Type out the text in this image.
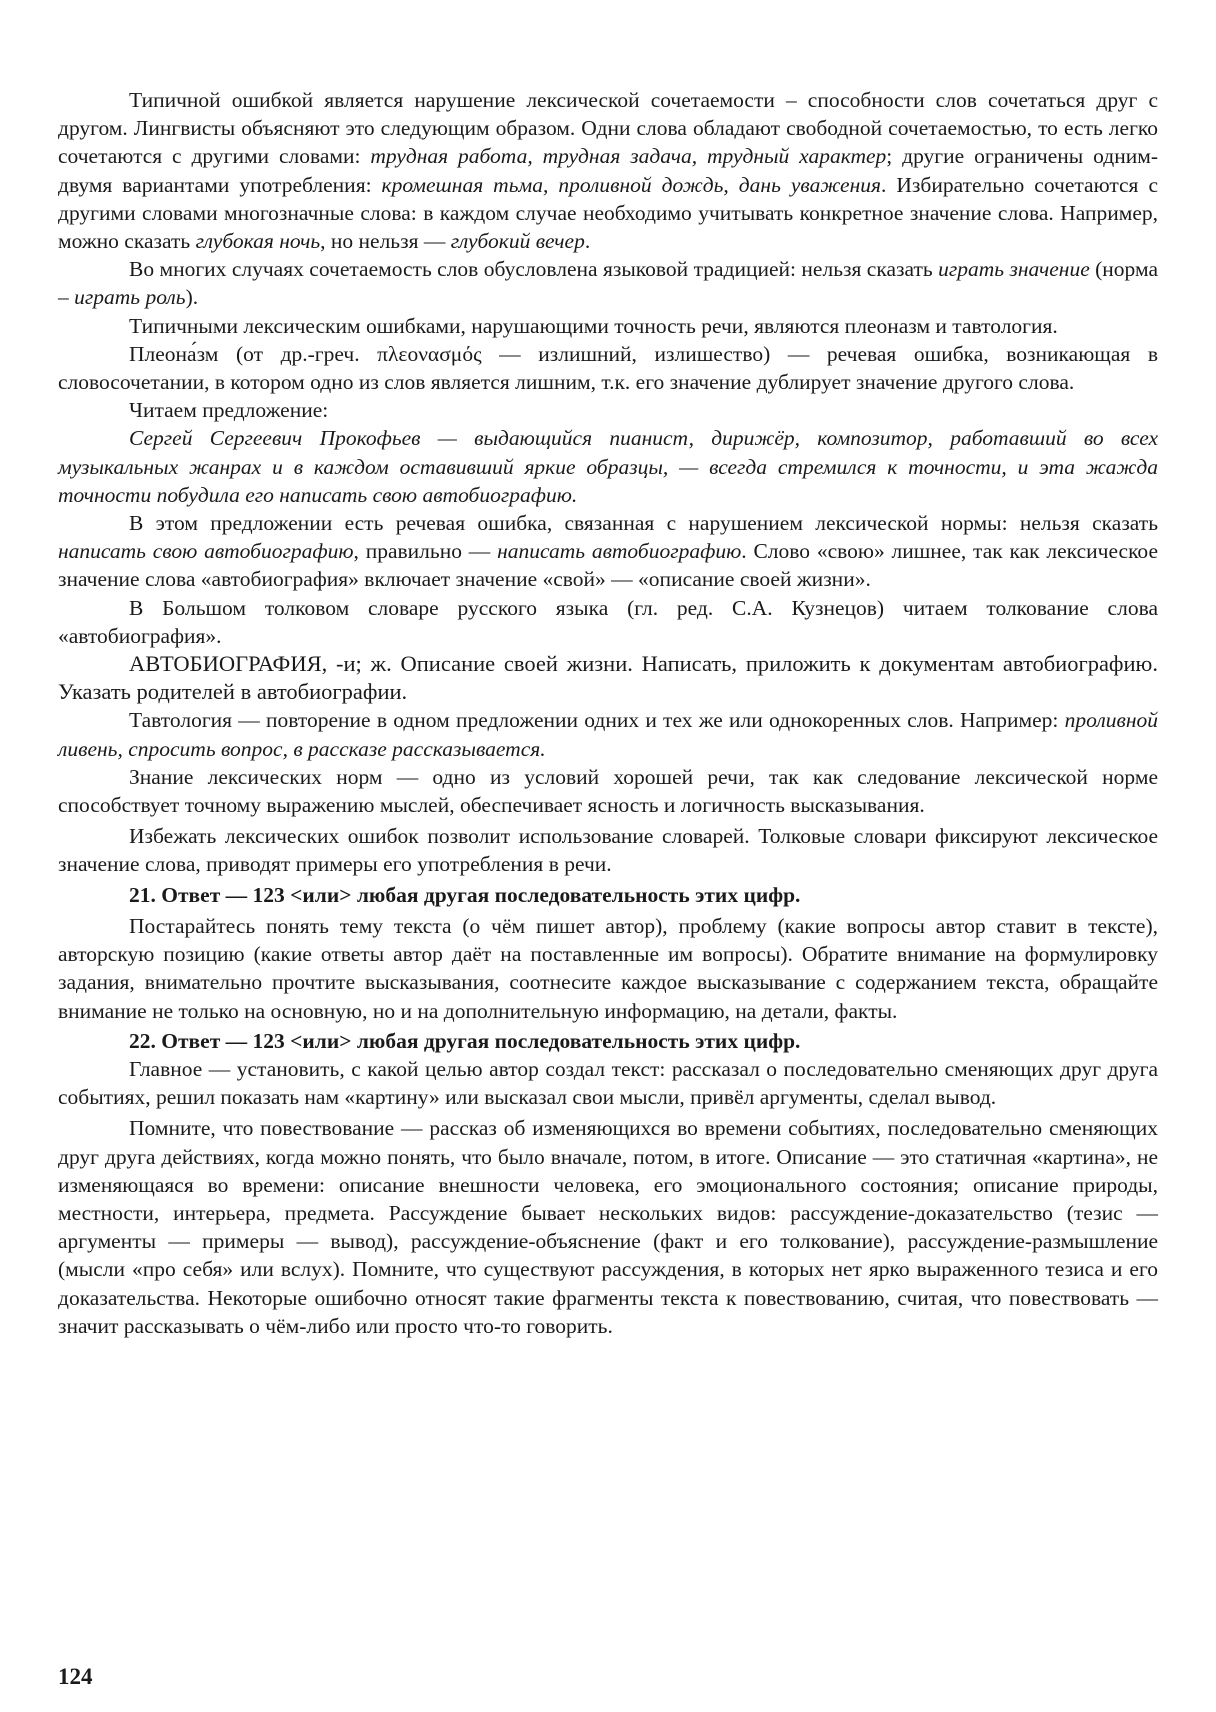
Типичной ошибкой является нарушение лексической сочетаемости – способности слов сочетаться друг с другом. Лингвисты объясняют это следующим образом. Одни слова обладают свободной сочетаемостью, то есть легко сочетаются с другими словами: трудная работа, трудная задача, трудный характер; другие ограничены одним-двумя вариантами употребления: кромешная тьма, проливной дождь, дань уважения. Избирательно сочетаются с другими словами многозначные слова: в каждом случае необходимо учитывать конкретное значение слова. Например, можно сказать глубокая ночь, но нельзя — глубокий вечер.

Во многих случаях сочетаемость слов обусловлена языковой традицией: нельзя сказать играть значение (норма – играть роль).

Типичными лексическим ошибками, нарушающими точность речи, являются плеоназм и тавтология.

Плеона́зм (от др.-греч. πλεονασμός — излишний, излишество) — речевая ошибка, возникающая в словосочетании, в котором одно из слов является лишним, т.к. его значение дублирует значение другого слова.

Читаем предложение:

Сергей Сергеевич Прокофьев — выдающийся пианист, дирижёр, композитор, работавший во всех музыкальных жанрах и в каждом оставивший яркие образцы, — всегда стремился к точности, и эта жажда точности побудила его написать свою автобиографию.

В этом предложении есть речевая ошибка, связанная с нарушением лексической нормы: нельзя сказать написать свою автобиографию, правильно — написать автобиографию. Слово «свою» лишнее, так как лексическое значение слова «автобиография» включает значение «свой» — «описание своей жизни».

В Большом толковом словаре русского языка (гл. ред. С.А. Кузнецов) читаем толкование слова «автобиография».

АВТОБИОГРАФИЯ, -и; ж. Описание своей жизни. Написать, приложить к документам автобиографию. Указать родителей в автобиографии.

Тавтология — повторение в одном предложении одних и тех же или однокоренных слов. Например: проливной ливень, спросить вопрос, в рассказе рассказывается.

Знание лексических норм — одно из условий хорошей речи, так как следование лексической норме способствует точному выражению мыслей, обеспечивает ясность и логичность высказывания.

Избежать лексических ошибок позволит использование словарей. Толковые словари фиксируют лексическое значение слова, приводят примеры его употребления в речи.

21. Ответ — 123 <или> любая другая последовательность этих цифр.

Постарайтесь понять тему текста (о чём пишет автор), проблему (какие вопросы автор ставит в тексте), авторскую позицию (какие ответы автор даёт на поставленные им вопросы). Обратите внимание на формулировку задания, внимательно прочтите высказывания, соотнесите каждое высказывание с содержанием текста, обращайте внимание не только на основную, но и на дополнительную информацию, на детали, факты.

22. Ответ — 123 <или> любая другая последовательность этих цифр.

Главное — установить, с какой целью автор создал текст: рассказал о последовательно сменяющих друг друга событиях, решил показать нам «картину» или высказал свои мысли, привёл аргументы, сделал вывод.

Помните, что повествование — рассказ об изменяющихся во времени событиях, последовательно сменяющих друг друга действиях, когда можно понять, что было вначале, потом, в итоге. Описание — это статичная «картина», не изменяющаяся во времени: описание внешности человека, его эмоционального состояния; описание природы, местности, интерьера, предмета. Рассуждение бывает нескольких видов: рассуждение-доказательство (тезис — аргументы — примеры — вывод), рассуждение-объяснение (факт и его толкование), рассуждение-размышление (мысли «про себя» или вслух). Помните, что существуют рассуждения, в которых нет ярко выраженного тезиса и его доказательства. Некоторые ошибочно относят такие фрагменты текста к повествованию, считая, что повествовать — значит рассказывать о чём-либо или просто что-то говорить.

124
